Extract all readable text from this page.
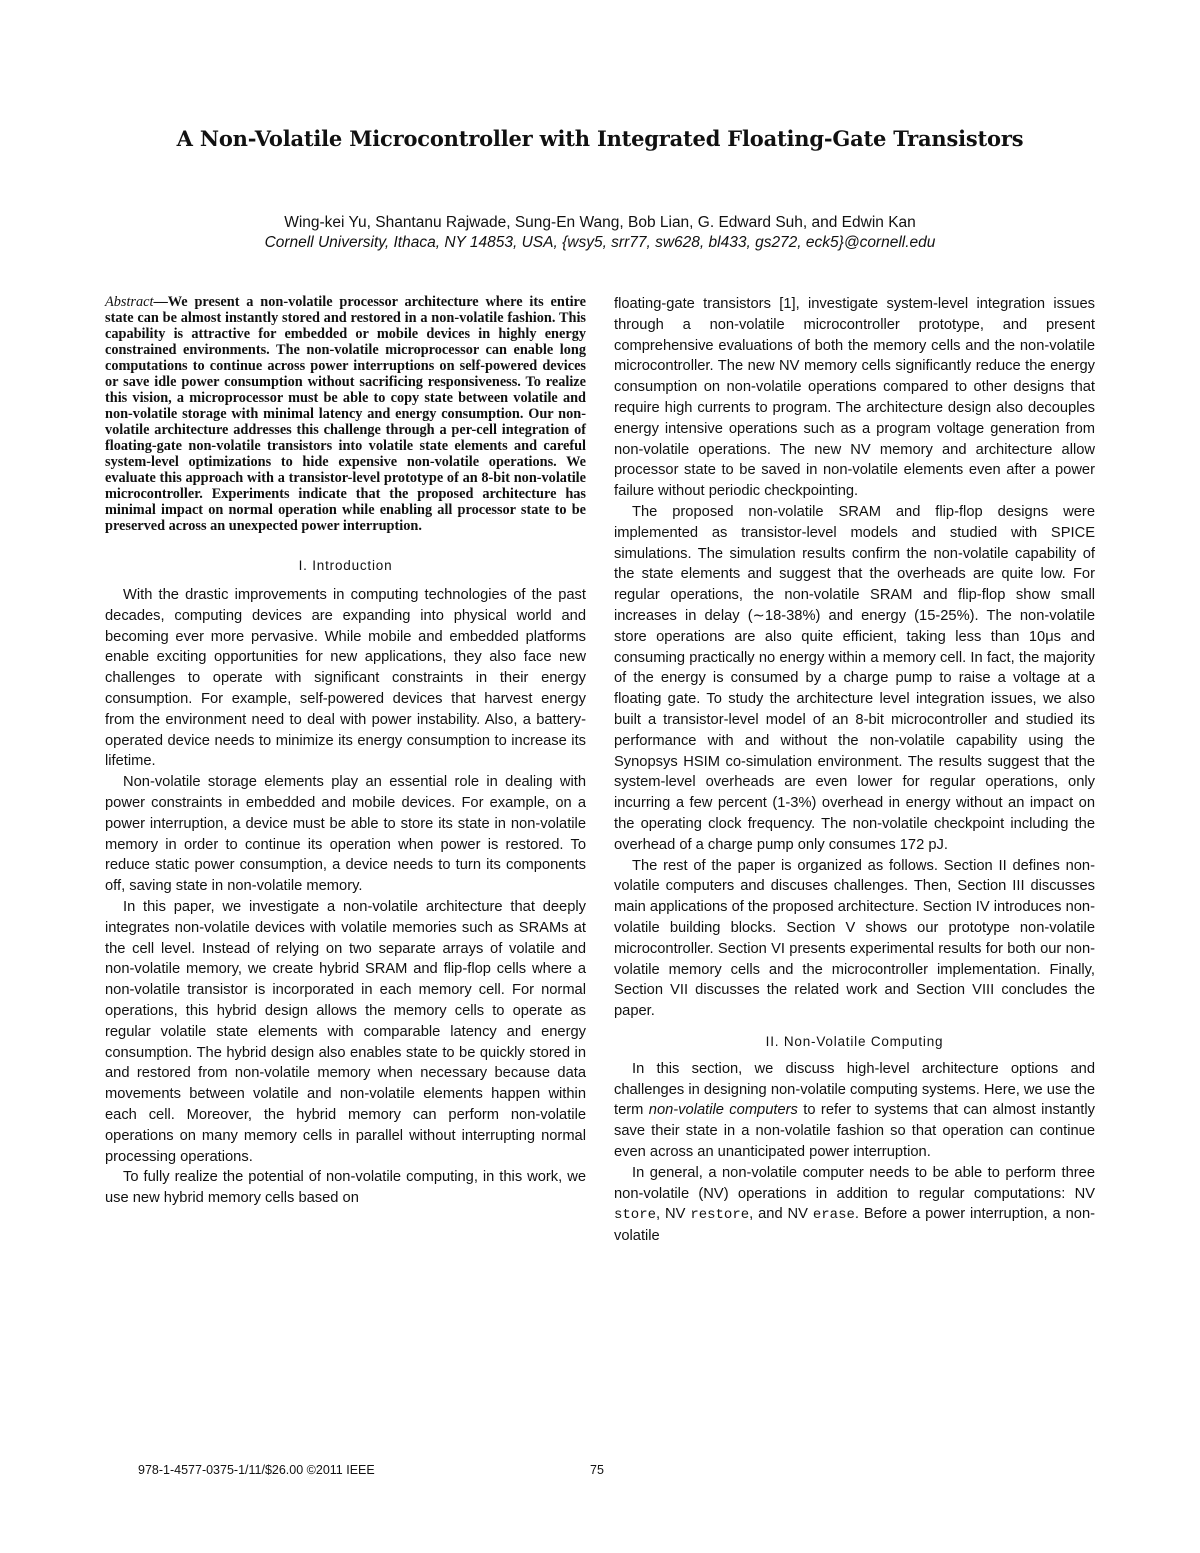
A Non-Volatile Microcontroller with Integrated Floating-Gate Transistors
Wing-kei Yu, Shantanu Rajwade, Sung-En Wang, Bob Lian, G. Edward Suh, and Edwin Kan
Cornell University, Ithaca, NY 14853, USA, {wsy5, srr77, sw628, bl433, gs272, eck5}@cornell.edu

Abstract—We present a non-volatile processor architecture where its entire state can be almost instantly stored and restored in a non-volatile fashion. This capability is attractive for embedded or mobile devices in highly energy constrained environments. The non-volatile microprocessor can enable long computations to continue across power interruptions on self-powered devices or save idle power consumption without sacrificing responsiveness. To realize this vision, a microprocessor must be able to copy state between volatile and non-volatile storage with minimal latency and energy consumption. Our non-volatile architecture addresses this challenge through a per-cell integration of floating-gate non-volatile transistors into volatile state elements and careful system-level optimizations to hide expensive non-volatile operations. We evaluate this approach with a transistor-level prototype of an 8-bit non-volatile microcontroller. Experiments indicate that the proposed architecture has minimal impact on normal operation while enabling all processor state to be preserved across an unexpected power interruption.

I. Introduction

With the drastic improvements in computing technologies of the past decades, computing devices are expanding into physical world and becoming ever more pervasive. While mobile and embedded platforms enable exciting opportunities for new applications, they also face new challenges to operate with significant constraints in their energy consumption. For example, self-powered devices that harvest energy from the environment need to deal with power instability. Also, a battery-operated device needs to minimize its energy consumption to increase its lifetime.

Non-volatile storage elements play an essential role in dealing with power constraints in embedded and mobile devices. For example, on a power interruption, a device must be able to store its state in non-volatile memory in order to continue its operation when power is restored. To reduce static power consumption, a device needs to turn its components off, saving state in non-volatile memory.

In this paper, we investigate a non-volatile architecture that deeply integrates non-volatile devices with volatile memories such as SRAMs at the cell level. Instead of relying on two separate arrays of volatile and non-volatile memory, we create hybrid SRAM and flip-flop cells where a non-volatile transistor is incorporated in each memory cell. For normal operations, this hybrid design allows the memory cells to operate as regular volatile state elements with comparable latency and energy consumption. The hybrid design also enables state to be quickly stored in and restored from non-volatile memory when necessary because data movements between volatile and non-volatile elements happen within each cell. Moreover, the hybrid memory can perform non-volatile operations on many memory cells in parallel without interrupting normal processing operations.

To fully realize the potential of non-volatile computing, in this work, we use new hybrid memory cells based on

floating-gate transistors [1], investigate system-level integration issues through a non-volatile microcontroller prototype, and present comprehensive evaluations of both the memory cells and the non-volatile microcontroller. The new NV memory cells significantly reduce the energy consumption on non-volatile operations compared to other designs that require high currents to program. The architecture design also decouples energy intensive operations such as a program voltage generation from non-volatile operations. The new NV memory and architecture allow processor state to be saved in non-volatile elements even after a power failure without periodic checkpointing.

The proposed non-volatile SRAM and flip-flop designs were implemented as transistor-level models and studied with SPICE simulations. The simulation results confirm the non-volatile capability of the state elements and suggest that the overheads are quite low. For regular operations, the non-volatile SRAM and flip-flop show small increases in delay (∼18-38%) and energy (15-25%). The non-volatile store operations are also quite efficient, taking less than 10μs and consuming practically no energy within a memory cell. In fact, the majority of the energy is consumed by a charge pump to raise a voltage at a floating gate. To study the architecture level integration issues, we also built a transistor-level model of an 8-bit microcontroller and studied its performance with and without the non-volatile capability using the Synopsys HSIM co-simulation environment. The results suggest that the system-level overheads are even lower for regular operations, only incurring a few percent (1-3%) overhead in energy without an impact on the operating clock frequency. The non-volatile checkpoint including the overhead of a charge pump only consumes 172 pJ.

The rest of the paper is organized as follows. Section II defines non-volatile computers and discuses challenges. Then, Section III discusses main applications of the proposed architecture. Section IV introduces non-volatile building blocks. Section V shows our prototype non-volatile microcontroller. Section VI presents experimental results for both our non-volatile memory cells and the microcontroller implementation. Finally, Section VII discusses the related work and Section VIII concludes the paper.

II. Non-Volatile Computing

In this section, we discuss high-level architecture options and challenges in designing non-volatile computing systems. Here, we use the term non-volatile computers to refer to systems that can almost instantly save their state in a non-volatile fashion so that operation can continue even across an unanticipated power interruption.

In general, a non-volatile computer needs to be able to perform three non-volatile (NV) operations in addition to regular computations: NV store, NV restore, and NV erase. Before a power interruption, a non-volatile

978-1-4577-0375-1/11/$26.00 ©2011 IEEE	75
